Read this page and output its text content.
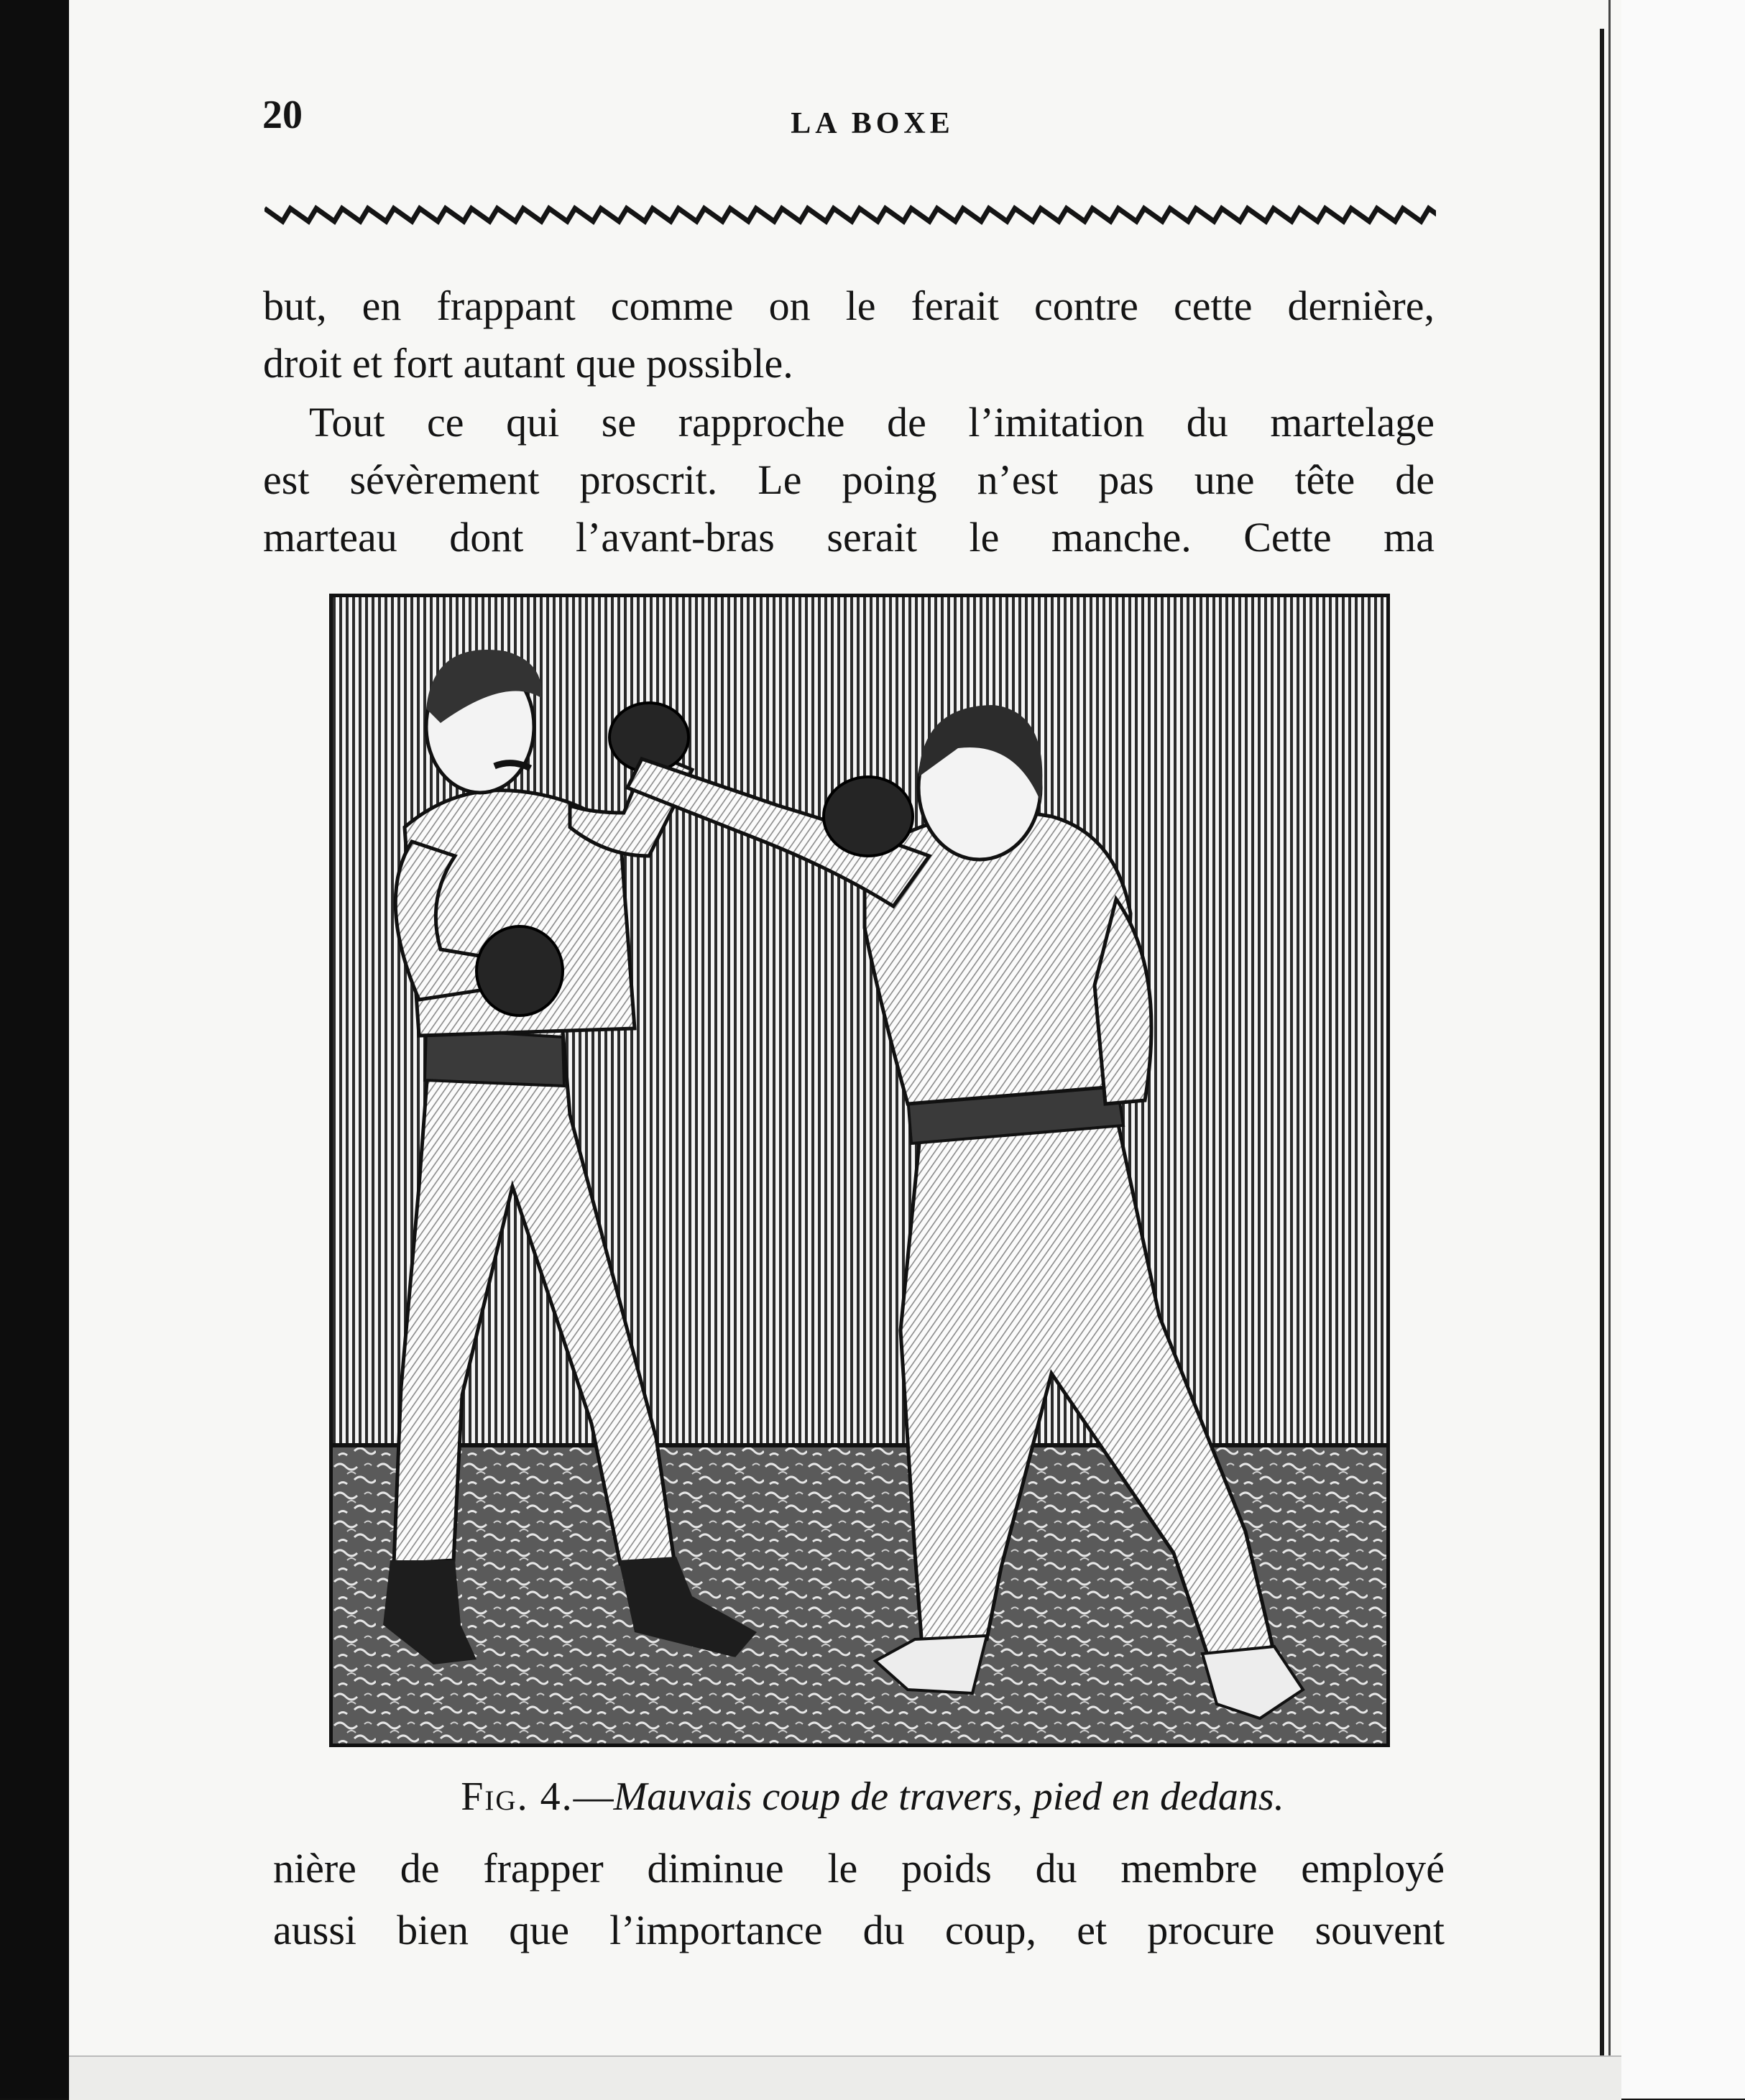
20	LA BOXE
but, en frappant comme on le ferait contre cette dernière,
droit et fort autant que possible.
Tout ce qui se rapproche de l’imitation du martelage
est sévèrement proscrit. Le poing n’est pas une tête de
marteau dont l’avant-bras serait le manche. Cette ma
Fig. 4.—Mauvais coup de travers, pied en dedans.
nière de frapper diminue le poids du membre employé
aussi bien que l’importance du coup, et procure souvent
